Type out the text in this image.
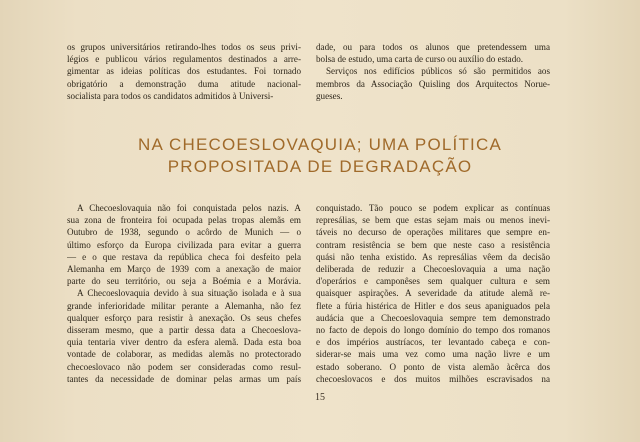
os grupos universitários retirando-lhes todos os seus privi-
légios e publicou vários regulamentos destinados a arre-
gimentar as ideias políticas dos estudantes. Foi tornado
obrigatório a demonstração duma atitude nacional-
socialista para todos os candidatos admitidos à Universi-
dade, ou para todos os alunos que pretendessem uma
bolsa de estudo, uma carta de curso ou auxílio do estado.
Serviços nos edifícios públicos só são permitidos aos
membros da Associação Quisling dos Arquitectos Norue-
gueses.
NA CHECOESLOVAQUIA; UMA POLÍTICA
PROPOSITADA DE DEGRADAÇÃO
A Checoeslovaquia não foi conquistada pelos nazis. A
sua zona de fronteira foi ocupada pelas tropas alemãs em
Outubro de 1938, segundo o acôrdo de Munich — o
último esforço da Europa civilizada para evitar a guerra
— e o que restava da república checa foi desfeito pela
Alemanha em Março de 1939 com a anexação de maior
parte do seu território, ou seja a Boémia e a Morávia.
A Checoeslovaquia devido à sua situação isolada e à sua
grande inferioridade militar perante a Alemanha, não fez
qualquer esforço para resistir à anexação. Os seus chefes
disseram mesmo, que a partir dessa data a Checoeslova-
quia tentaria viver dentro da esfera alemã. Dada esta boa
vontade de colaborar, as medidas alemãs no protectorado
checoeslovaco não podem ser consideradas como resul-
tantes da necessidade de dominar pelas armas um país
conquistado. Tão pouco se podem explicar as contínuas
represálias, se bem que estas sejam mais ou menos inevi-
táveis no decurso de operações militares que sempre en-
contram resistência se bem que neste caso a resistência
quási não tenha existido. As represálias vêem da decisão
deliberada de reduzir a Checoeslovaquia a uma nação
d'operários e camponêses sem qualquer cultura e sem
quaisquer aspirações. A severidade da atitude alemã re-
flete a fúria histérica de Hitler e dos seus apaniguados pela
audácia que a Checoeslovaquia sempre tem demonstrado
no facto de depois do longo domínio do tempo dos romanos
e dos impérios austríacos, ter levantado cabeça e con-
siderar-se mais uma vez como uma nação livre e um
estado soberano. O ponto de vista alemão àcêrca dos
checoeslovacos e dos muitos milhões escravisados na
15
